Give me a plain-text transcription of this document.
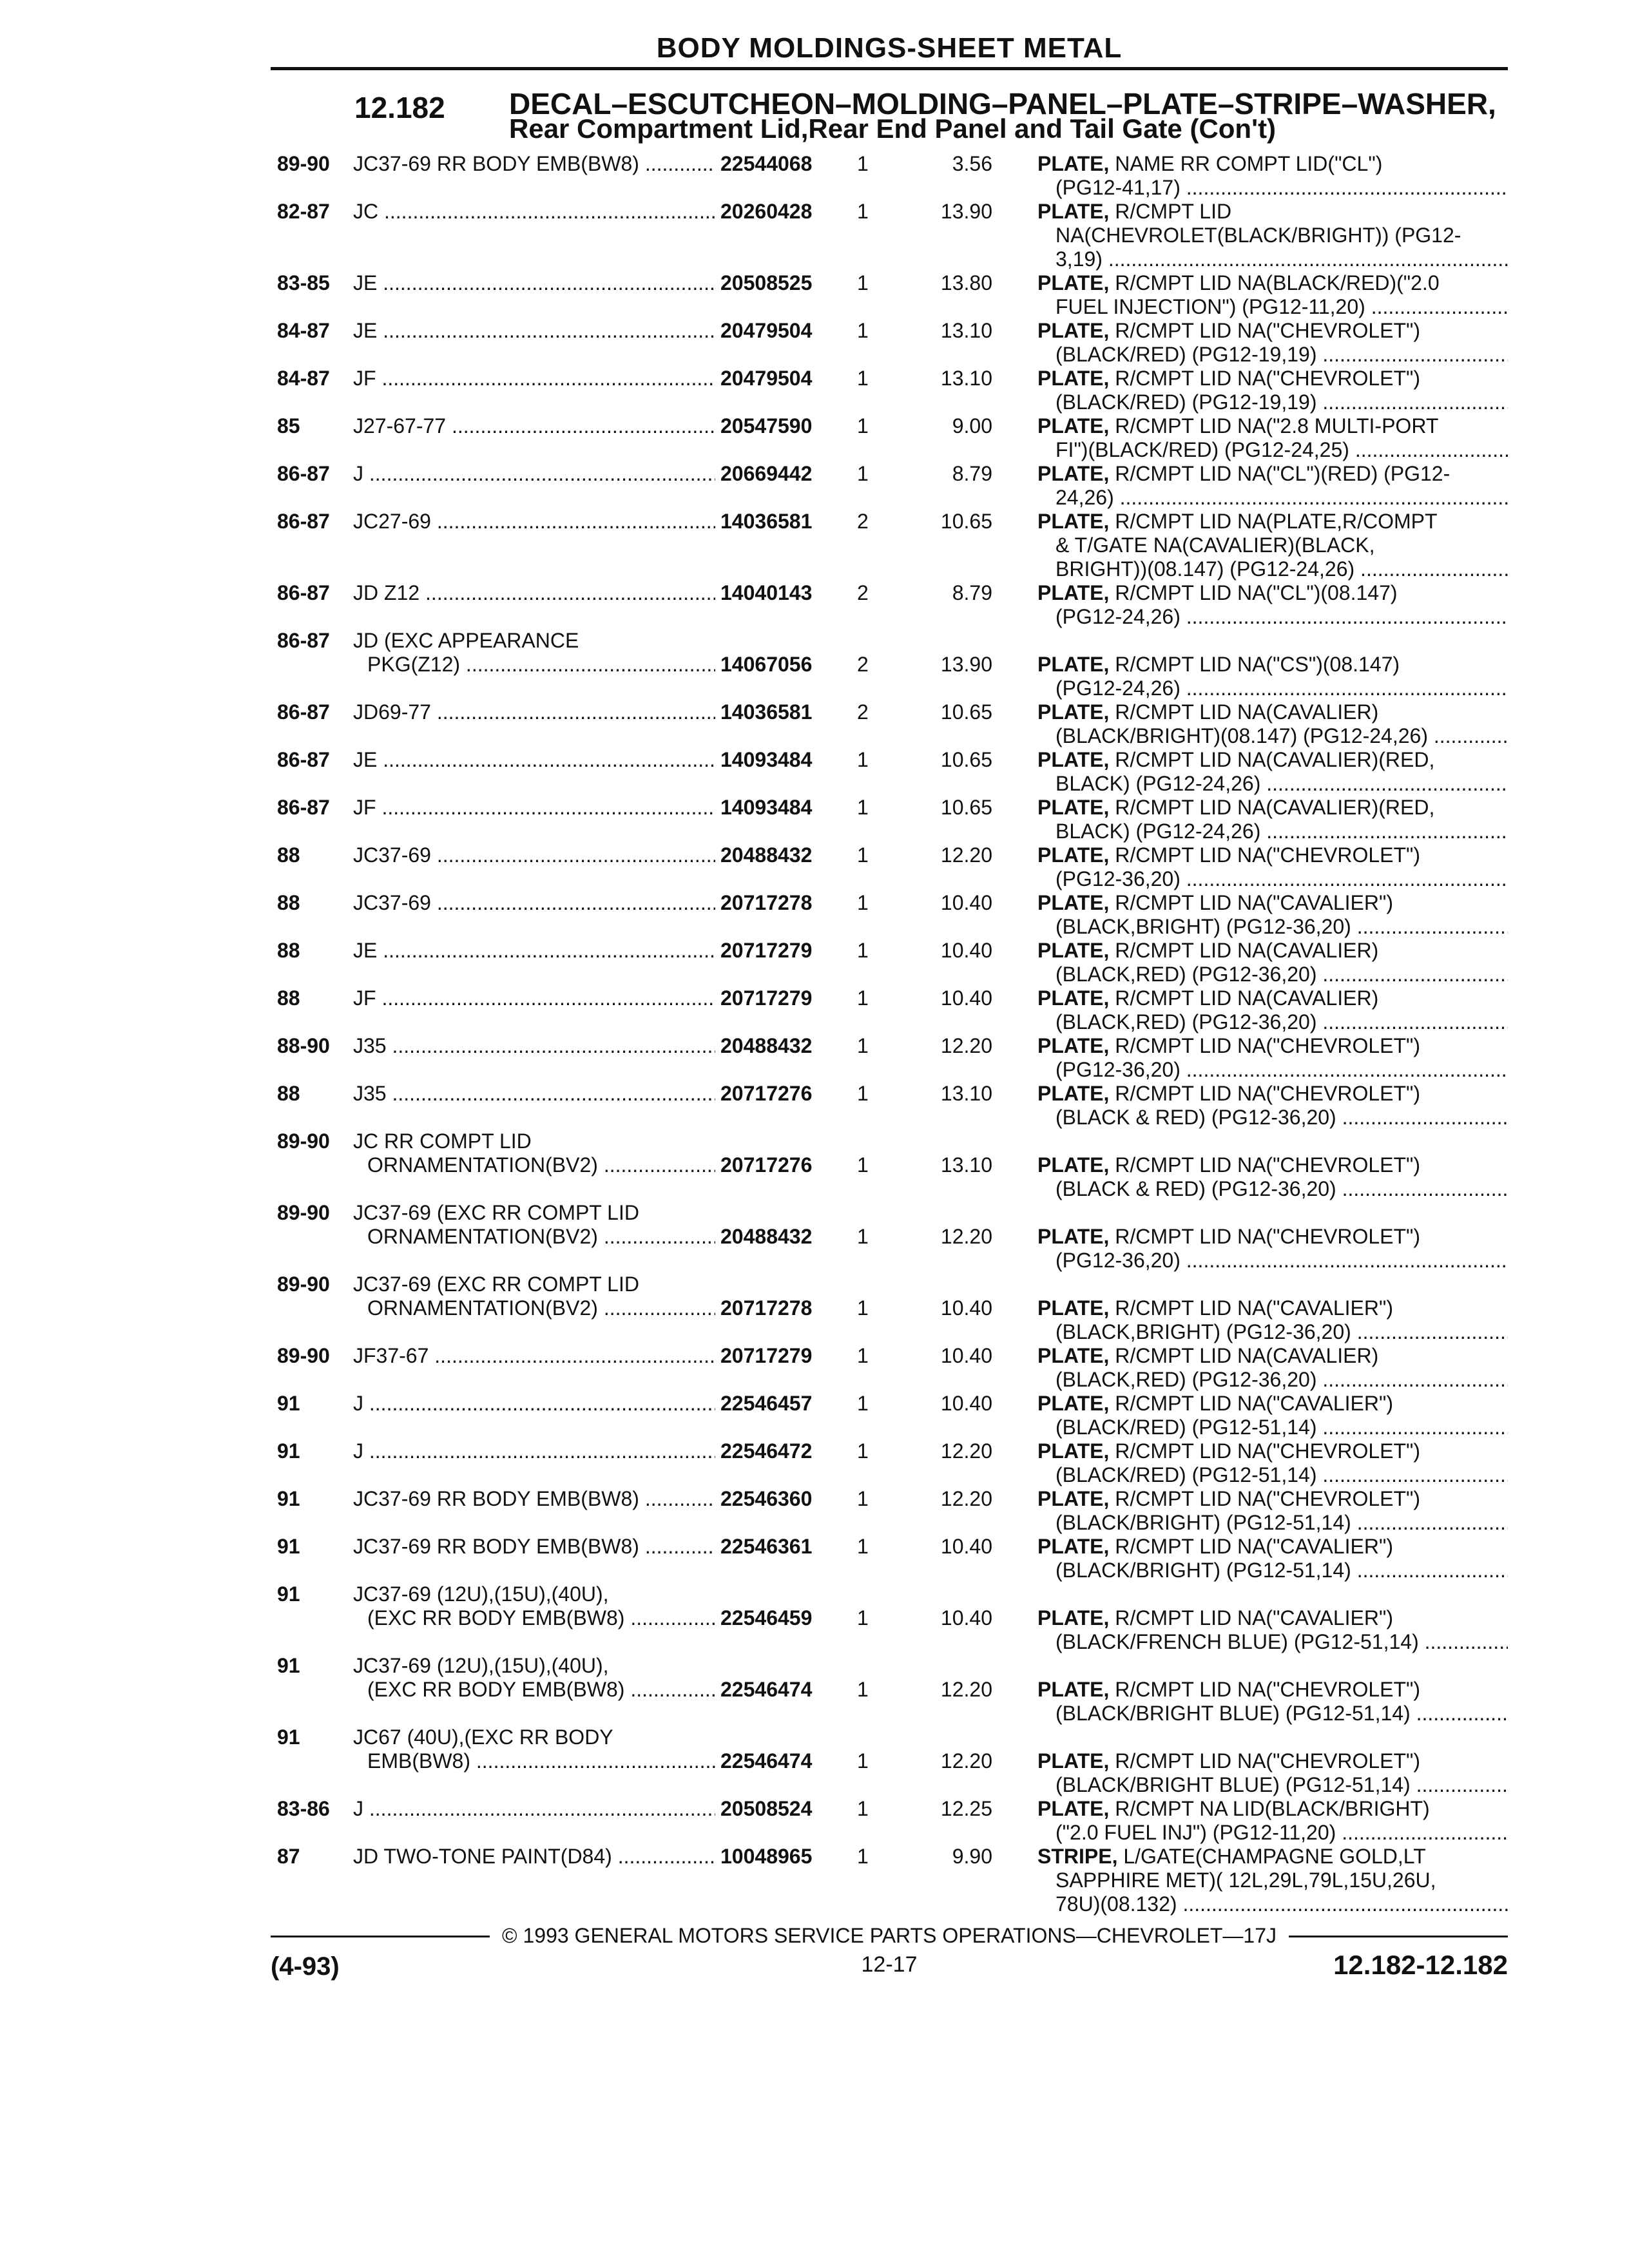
BODY MOLDINGS-SHEET METAL
12.182 DECAL–ESCUTCHEON–MOLDING–PANEL–PLATE–STRIPE–WASHER,
Rear Compartment Lid,Rear End Panel and Tail Gate (Con't)
89-90 JC37-69 RR BODY EMB(BW8) .....	22544068 1	3.56 PLATE, NAME RR COMPT LID("CL")
(PG12-41,17) .....
82-87 JC .....	20260428 1	13.90 PLATE, R/CMPT LID
NA(CHEVROLET(BLACK/BRIGHT)) (PG12-
3,19) .....
83-85 JE .....	20508525 1	13.80 PLATE, R/CMPT LID NA(BLACK/RED)("2.0
FUEL INJECTION") (PG12-11,20) .....
84-87 JE .....	20479504 1	13.10 PLATE, R/CMPT LID NA("CHEVROLET")
(BLACK/RED) (PG12-19,19) .....
84-87 JF .....	20479504 1	13.10 PLATE, R/CMPT LID NA("CHEVROLET")
(BLACK/RED) (PG12-19,19) .....
85	J27-67-77 .....	20547590 1	9.00 PLATE, R/CMPT LID NA("2.8 MULTI-PORT
FI")(BLACK/RED) (PG12-24,25) .....
86-87 J .....	20669442 1	8.79 PLATE, R/CMPT LID NA("CL")(RED) (PG12-
24,26) .....
86-87 JC27-69 .....	14036581 2	10.65 PLATE, R/CMPT LID NA(PLATE,R/COMPT
& T/GATE NA(CAVALIER)(BLACK,
BRIGHT))(08.147) (PG12-24,26) .....
86-87 JD Z12 .....	14040143 2	8.79 PLATE, R/CMPT LID NA("CL")(08.147)
(PG12-24,26) .....
86-87 JD (EXC APPEARANCE
PKG(Z12) .....	14067056 2	13.90 PLATE, R/CMPT LID NA("CS")(08.147)
(PG12-24,26) .....
86-87 JD69-77 .....	14036581 2	10.65 PLATE, R/CMPT LID NA(CAVALIER)
(BLACK/BRIGHT)(08.147) (PG12-24,26) .....
86-87 JE .....	14093484 1	10.65 PLATE, R/CMPT LID NA(CAVALIER)(RED,
BLACK) (PG12-24,26) .....
86-87 JF .....	14093484 1	10.65 PLATE, R/CMPT LID NA(CAVALIER)(RED,
BLACK) (PG12-24,26) .....
88	JC37-69 .....	20488432 1	12.20 PLATE, R/CMPT LID NA("CHEVROLET")
(PG12-36,20) .....
88	JC37-69 .....	20717278 1	10.40 PLATE, R/CMPT LID NA("CAVALIER")
(BLACK,BRIGHT) (PG12-36,20) .....
88	JE .....	20717279 1	10.40 PLATE, R/CMPT LID NA(CAVALIER)
(BLACK,RED) (PG12-36,20) .....
88	JF .....	20717279 1	10.40 PLATE, R/CMPT LID NA(CAVALIER)
(BLACK,RED) (PG12-36,20) .....
88-90 J35 .....	20488432 1	12.20 PLATE, R/CMPT LID NA("CHEVROLET")
(PG12-36,20) .....
88	J35 .....	20717276 1	13.10 PLATE, R/CMPT LID NA("CHEVROLET")
(BLACK & RED) (PG12-36,20) .....
89-90 JC RR COMPT LID
ORNAMENTATION(BV2) .....	20717276 1	13.10 PLATE, R/CMPT LID NA("CHEVROLET")
(BLACK & RED) (PG12-36,20) .....
89-90 JC37-69 (EXC RR COMPT LID
ORNAMENTATION(BV2) .....	20488432 1	12.20 PLATE, R/CMPT LID NA("CHEVROLET")
(PG12-36,20) .....
89-90 JC37-69 (EXC RR COMPT LID
ORNAMENTATION(BV2) .....	20717278 1	10.40 PLATE, R/CMPT LID NA("CAVALIER")
(BLACK,BRIGHT) (PG12-36,20) .....
89-90 JF37-67 .....	20717279 1	10.40 PLATE, R/CMPT LID NA(CAVALIER)
(BLACK,RED) (PG12-36,20) .....
91	J .....	22546457 1	10.40 PLATE, R/CMPT LID NA("CAVALIER")
(BLACK/RED) (PG12-51,14) .....
91	J .....	22546472 1	12.20 PLATE, R/CMPT LID NA("CHEVROLET")
(BLACK/RED) (PG12-51,14) .....
91	JC37-69 RR BODY EMB(BW8) .....	22546360 1	12.20 PLATE, R/CMPT LID NA("CHEVROLET")
(BLACK/BRIGHT) (PG12-51,14) .....
91	JC37-69 RR BODY EMB(BW8) .....	22546361 1	10.40 PLATE, R/CMPT LID NA("CAVALIER")
(BLACK/BRIGHT) (PG12-51,14) .....
91	JC37-69 (12U),(15U),(40U),
(EXC RR BODY EMB(BW8) .....	22546459 1	10.40 PLATE, R/CMPT LID NA("CAVALIER")
(BLACK/FRENCH BLUE) (PG12-51,14) .....
91	JC37-69 (12U),(15U),(40U),
(EXC RR BODY EMB(BW8) .....	22546474 1	12.20 PLATE, R/CMPT LID NA("CHEVROLET")
(BLACK/BRIGHT BLUE) (PG12-51,14) .....
91	JC67 (40U),(EXC RR BODY
EMB(BW8) .....	22546474 1	12.20 PLATE, R/CMPT LID NA("CHEVROLET")
(BLACK/BRIGHT BLUE) (PG12-51,14) .....
83-86 J .....	20508524 1	12.25 PLATE, R/CMPT NA LID(BLACK/BRIGHT)
("2.0 FUEL INJ") (PG12-11,20) .....
87	JD TWO-TONE PAINT(D84) .....	10048965 1	9.90 STRIPE, L/GATE(CHAMPAGNE GOLD,LT
SAPPHIRE MET)( 12L,29L,79L,15U,26U,
78U)(08.132) .....
© 1993 GENERAL MOTORS SERVICE PARTS OPERATIONS—CHEVROLET—17J
(4-93)	12-17	12.182-12.182
